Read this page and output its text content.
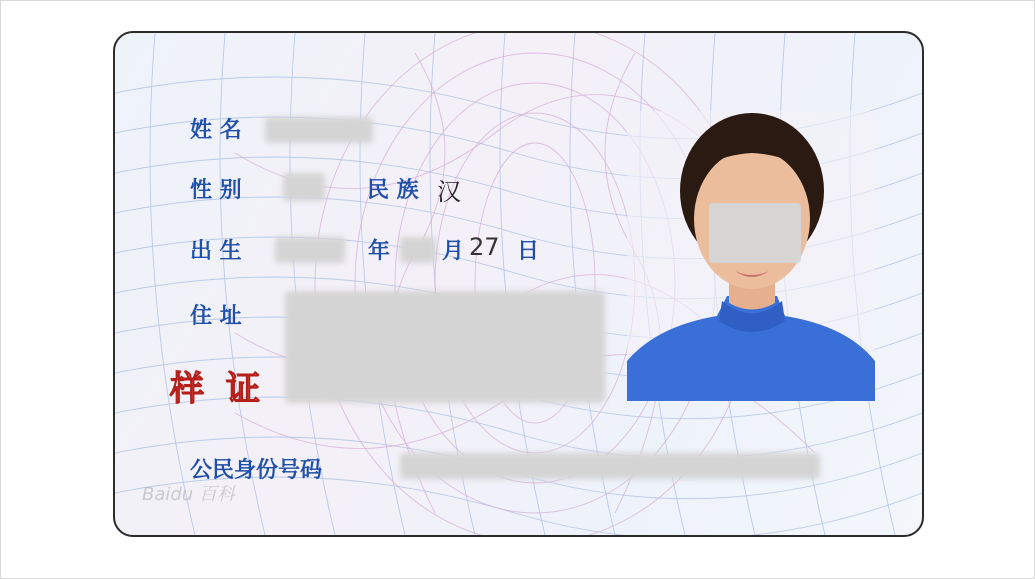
姓 名
性 别	民 族 汉
出 生	年 月 27 日
住 址
样证
公民身份号码
Baidu 百科
